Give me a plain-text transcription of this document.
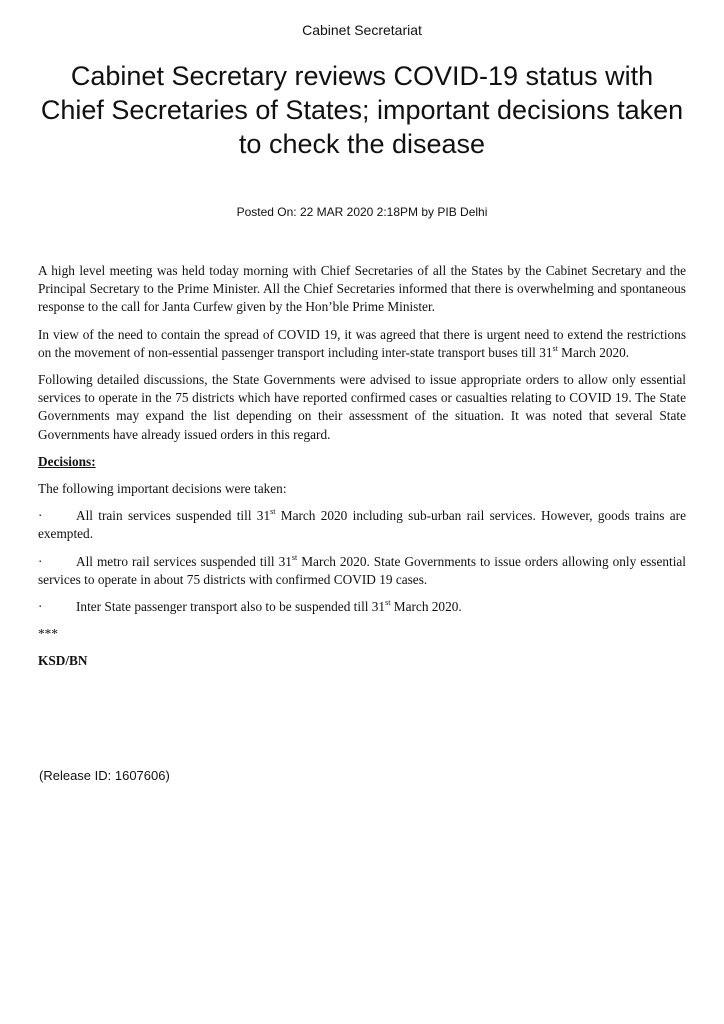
Cabinet Secretariat
Cabinet Secretary reviews COVID-19 status with Chief Secretaries of States; important decisions taken to check the disease
Posted On: 22 MAR 2020 2:18PM by PIB Delhi

A high level meeting was held today morning with Chief Secretaries of all the States by the Cabinet Secretary and the Principal Secretary to the Prime Minister. All the Chief Secretaries informed that there is overwhelming and spontaneous response to the call for Janta Curfew given by the Hon’ble Prime Minister.

In view of the need to contain the spread of COVID 19, it was agreed that there is urgent need to extend the restrictions on the movement of non-essential passenger transport including inter-state transport buses till 31st March 2020.

Following detailed discussions, the State Governments were advised to issue appropriate orders to allow only essential services to operate in the 75 districts which have reported confirmed cases or casualties relating to COVID 19. The State Governments may expand the list depending on their assessment of the situation. It was noted that several State Governments have already issued orders in this regard.

Decisions:

The following important decisions were taken:

·	All train services suspended till 31st March 2020 including sub-urban rail services. However, goods trains are exempted.

·	All metro rail services suspended till 31st March 2020. State Governments to issue orders allowing only essential services to operate in about 75 districts with confirmed COVID 19 cases.

·	Inter State passenger transport also to be suspended till 31st March 2020.

***

KSD/BN

(Release ID: 1607606)
